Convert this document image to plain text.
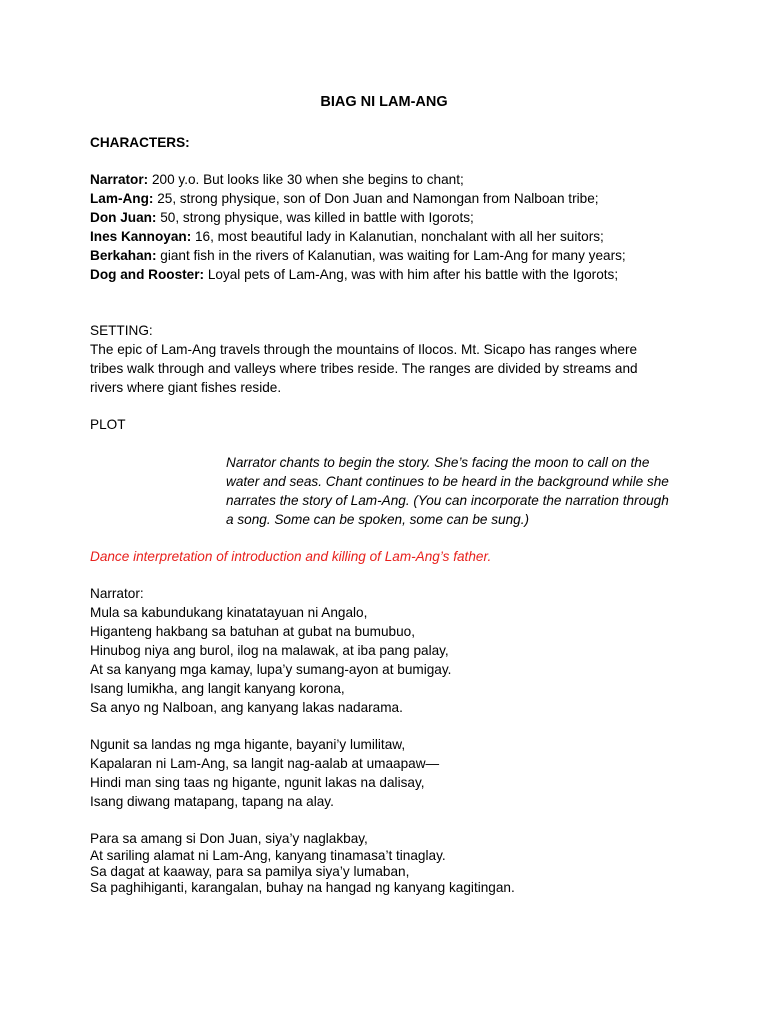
BIAG NI LAM-ANG
CHARACTERS:
Narrator: 200 y.o. But looks like 30 when she begins to chant;
Lam-Ang: 25, strong physique, son of Don Juan and Namongan from Nalboan tribe;
Don Juan: 50, strong physique, was killed in battle with Igorots;
Ines Kannoyan: 16, most beautiful lady in Kalanutian, nonchalant with all her suitors;
Berkahan: giant fish in the rivers of Kalanutian, was waiting for Lam-Ang for many years;
Dog and Rooster: Loyal pets of Lam-Ang, was with him after his battle with the Igorots;
SETTING:
The epic of Lam-Ang travels through the mountains of Ilocos. Mt. Sicapo has ranges where
tribes walk through and valleys where tribes reside. The ranges are divided by streams and
rivers where giant fishes reside.
PLOT
Narrator chants to begin the story. She’s facing the moon to call on the
water and seas. Chant continues to be heard in the background while she
narrates the story of Lam-Ang. (You can incorporate the narration through
a song. Some can be spoken, some can be sung.)
Dance interpretation of introduction and killing of Lam-Ang’s father.
Narrator:
Mula sa kabundukang kinatatayuan ni Angalo,
Higanteng hakbang sa batuhan at gubat na bumubuo,
Hinubog niya ang burol, ilog na malawak, at iba pang palay,
At sa kanyang mga kamay, lupa’y sumang-ayon at bumigay.
Isang lumikha, ang langit kanyang korona,
Sa anyo ng Nalboan, ang kanyang lakas nadarama.
Ngunit sa landas ng mga higante, bayani’y lumilitaw,
Kapalaran ni Lam-Ang, sa langit nag-aalab at umaapaw—
Hindi man sing taas ng higante, ngunit lakas na dalisay,
Isang diwang matapang, tapang na alay.
Para sa amang si Don Juan, siya’y naglakbay,
At sariling alamat ni Lam-Ang, kanyang tinamasa’t tinaglay.
Sa dagat at kaaway, para sa pamilya siya’y lumaban,
Sa paghihiganti, karangalan, buhay na hangad ng kanyang kagitingan.
